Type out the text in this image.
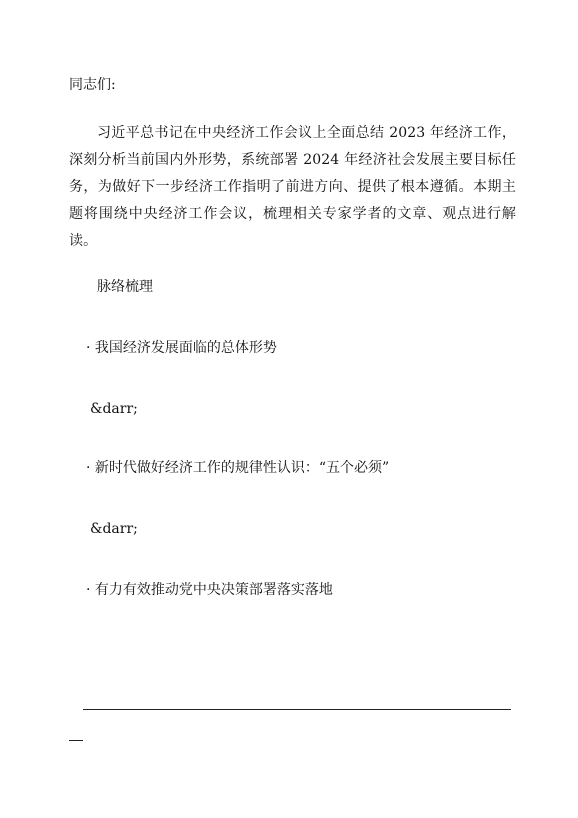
同志们:
习近平总书记在中央经济工作会议上全面总结 2023 年经济工作，深刻分析当前国内外形势，系统部署 2024 年经济社会发展主要目标任务，为做好下一步经济工作指明了前进方向、提供了根本遵循。本期主题将围绕中央经济工作会议，梳理相关专家学者的文章、观点进行解读。
脉络梳理
· 我国经济发展面临的总体形势
&darr;
· 新时代做好经济工作的规律性认识：“五个必须”
&darr;
· 有力有效推动党中央决策部署落实落地
